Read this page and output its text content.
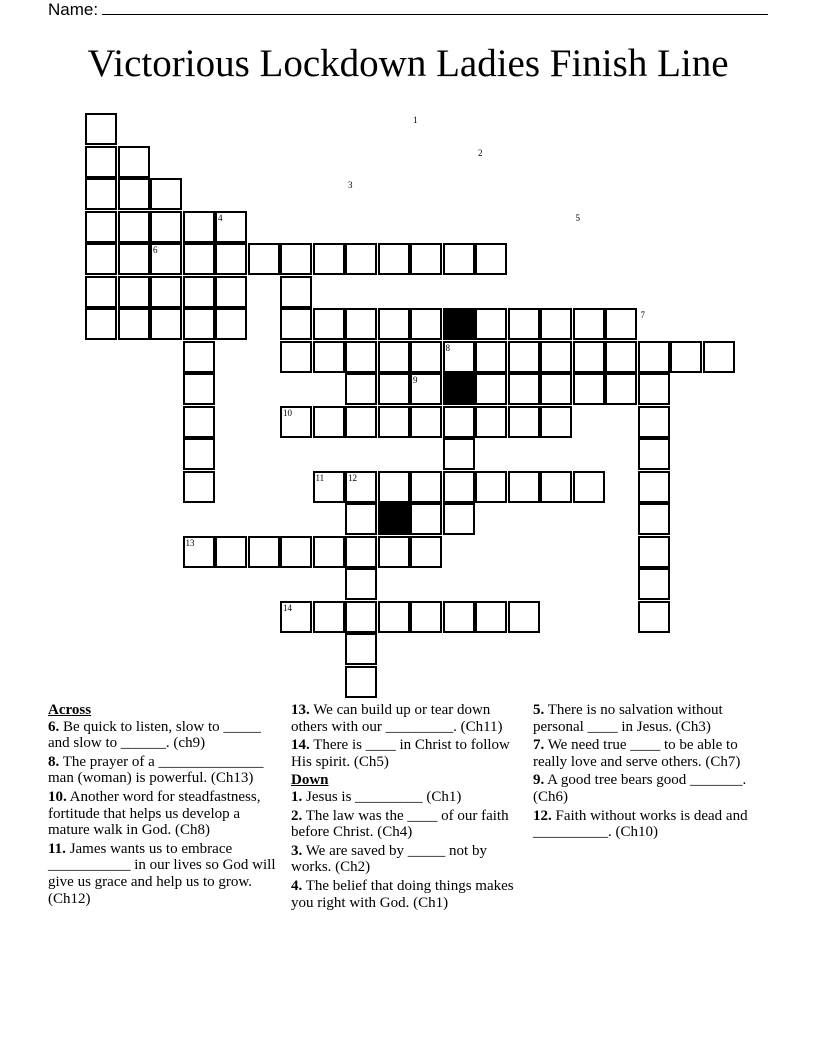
Name:
Victorious Lockdown Ladies Finish Line
1
2
3
4	5
6
7
8
9
10
11	12
13
14
Across
6. Be quick to listen, slow to _____ and slow to ______. (ch9)
8. The prayer of a ______________ man (woman) is powerful. (Ch13)
10. Another word for steadfastness, fortitude that helps us develop a mature walk in God. (Ch8)
11. James wants us to embrace ___________ in our lives so God will give us grace and help us to grow. (Ch12)
13. We can build up or tear down others with our _________. (Ch11)
14. There is ____ in Christ to follow His spirit. (Ch5)
Down
1. Jesus is _________ (Ch1)
2. The law was the ____ of our faith before Christ. (Ch4)
3. We are saved by _____ not by works. (Ch2)
4. The belief that doing things makes you right with God. (Ch1)
5. There is no salvation without personal ____ in Jesus. (Ch3)
7. We need true ____ to be able to really love and serve others. (Ch7)
9. A good tree bears good _______. (Ch6)
12. Faith without works is dead and __________. (Ch10)
